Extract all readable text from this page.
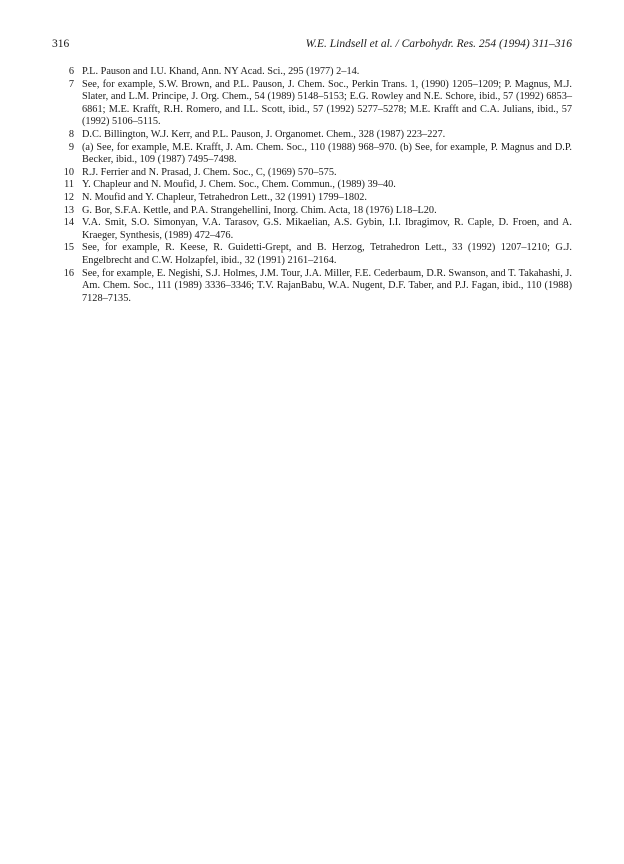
316	W.E. Lindsell et al. / Carbohydr. Res. 254 (1994) 311–316

6 P.L. Pauson and I.U. Khand, Ann. NY Acad. Sci., 295 (1977) 2–14.

7 See, for example, S.W. Brown, and P.L. Pauson, J. Chem. Soc., Perkin Trans. 1, (1990) 1205–1209; P. Magnus, M.J. Slater, and L.M. Principe, J. Org. Chem., 54 (1989) 5148–5153; E.G. Rowley and N.E. Schore, ibid., 57 (1992) 6853–6861; M.E. Krafft, R.H. Romero, and I.L. Scott, ibid., 57 (1992) 5277–5278; M.E. Krafft and C.A. Julians, ibid., 57 (1992) 5106–5115.

8 D.C. Billington, W.J. Kerr, and P.L. Pauson, J. Organomet. Chem., 328 (1987) 223–227.

9 (a) See, for example, M.E. Krafft, J. Am. Chem. Soc., 110 (1988) 968–970. (b) See, for example, P. Magnus and D.P. Becker, ibid., 109 (1987) 7495–7498.

10 R.J. Ferrier and N. Prasad, J. Chem. Soc., C, (1969) 570–575.

11 Y. Chapleur and N. Moufid, J. Chem. Soc., Chem. Commun., (1989) 39–40.

12 N. Moufid and Y. Chapleur, Tetrahedron Lett., 32 (1991) 1799–1802.

13 G. Bor, S.F.A. Kettle, and P.A. Strangehellini, Inorg. Chim. Acta, 18 (1976) L18–L20.

14 V.A. Smit, S.O. Simonyan, V.A. Tarasov, G.S. Mikaelian, A.S. Gybin, I.I. Ibragimov, R. Caple, D. Froen, and A. Kraeger, Synthesis, (1989) 472–476.

15 See, for example, R. Keese, R. Guidetti-Grept, and B. Herzog, Tetrahedron Lett., 33 (1992) 1207–1210; G.J. Engelbrecht and C.W. Holzapfel, ibid., 32 (1991) 2161–2164.

16 See, for example, E. Negishi, S.J. Holmes, J.M. Tour, J.A. Miller, F.E. Cederbaum, D.R. Swanson, and T. Takahashi, J. Am. Chem. Soc., 111 (1989) 3336–3346; T.V. RajanBabu, W.A. Nugent, D.F. Taber, and P.J. Fagan, ibid., 110 (1988) 7128–7135.
